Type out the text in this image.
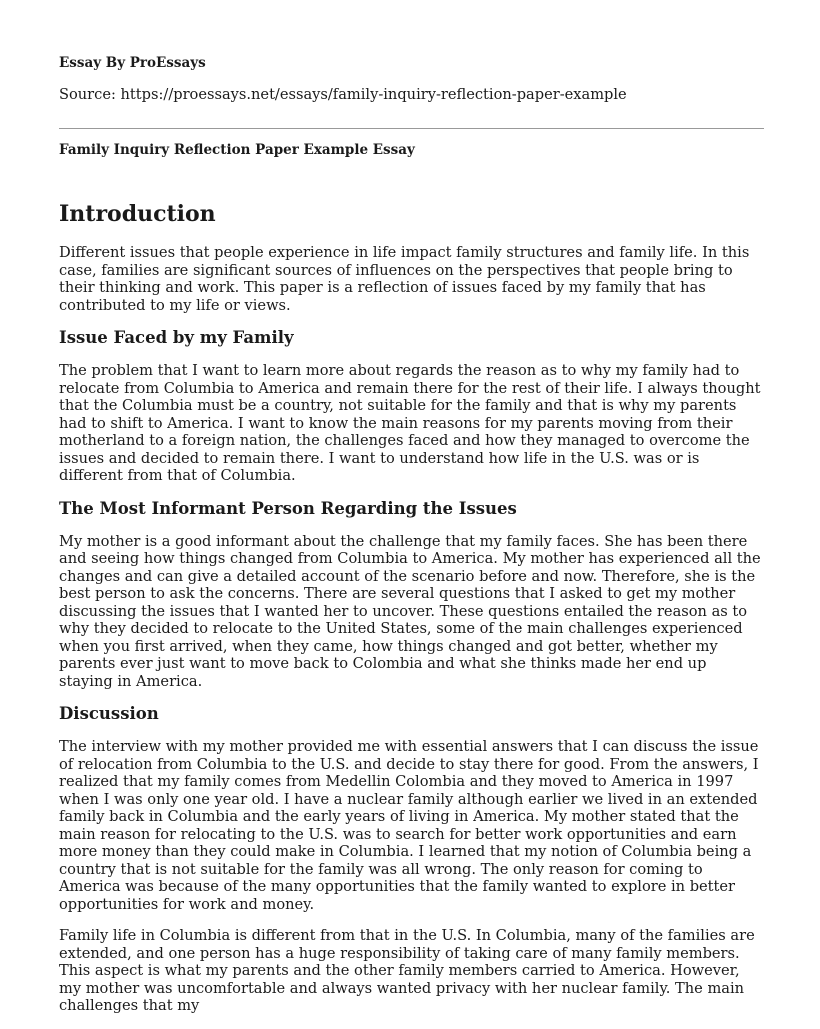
Essay By ProEssays

Source: https://proessays.net/essays/family-inquiry-reflection-paper-example

Family Inquiry Reflection Paper Example Essay

Introduction

Different issues that people experience in life impact family structures and family life. In this case, families are significant sources of influences on the perspectives that people bring to their thinking and work. This paper is a reflection of issues faced by my family that has contributed to my life or views.

Issue Faced by my Family

The problem that I want to learn more about regards the reason as to why my family had to relocate from Columbia to America and remain there for the rest of their life. I always thought that the Columbia must be a country, not suitable for the family and that is why my parents had to shift to America. I want to know the main reasons for my parents moving from their motherland to a foreign nation, the challenges faced and how they managed to overcome the issues and decided to remain there. I want to understand how life in the U.S. was or is different from that of Columbia.

The Most Informant Person Regarding the Issues

My mother is a good informant about the challenge that my family faces. She has been there and seeing how things changed from Columbia to America. My mother has experienced all the changes and can give a detailed account of the scenario before and now. Therefore, she is the best person to ask the concerns. There are several questions that I asked to get my mother discussing the issues that I wanted her to uncover. These questions entailed the reason as to why they decided to relocate to the United States, some of the main challenges experienced when you first arrived, when they came, how things changed and got better, whether my parents ever just want to move back to Colombia and what she thinks made her end up staying in America.

Discussion

The interview with my mother provided me with essential answers that I can discuss the issue of relocation from Columbia to the U.S. and decide to stay there for good. From the answers, I realized that my family comes from Medellin Colombia and they moved to America in 1997 when I was only one year old. I have a nuclear family although earlier we lived in an extended family back in Columbia and the early years of living in America. My mother stated that the main reason for relocating to the U.S. was to search for better work opportunities and earn more money than they could make in Columbia. I learned that my notion of Columbia being a country that is not suitable for the family was all wrong. The only reason for coming to America was because of the many opportunities that the family wanted to explore in better opportunities for work and money.

Family life in Columbia is different from that in the U.S. In Columbia, many of the families are extended, and one person has a huge responsibility of taking care of many family members. This aspect is what my parents and the other family members carried to America. However, my mother was uncomfortable and always wanted privacy with her nuclear family. The main challenges that my
